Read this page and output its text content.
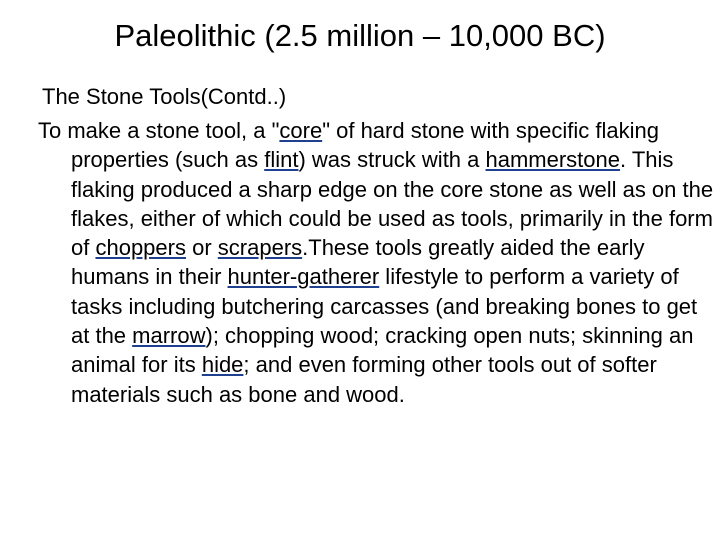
Paleolithic (2.5 million – 10,000 BC)

The Stone Tools(Contd..)

To make a stone tool, a "core" of hard stone with specific flaking properties (such as flint) was struck with a hammerstone. This flaking produced a sharp edge on the core stone as well as on the flakes, either of which could be used as tools, primarily in the form of choppers or scrapers.These tools greatly aided the early humans in their hunter-gatherer lifestyle to perform a variety of tasks including butchering carcasses (and breaking bones to get at the marrow); chopping wood; cracking open nuts; skinning an animal for its hide; and even forming other tools out of softer materials such as bone and wood.
